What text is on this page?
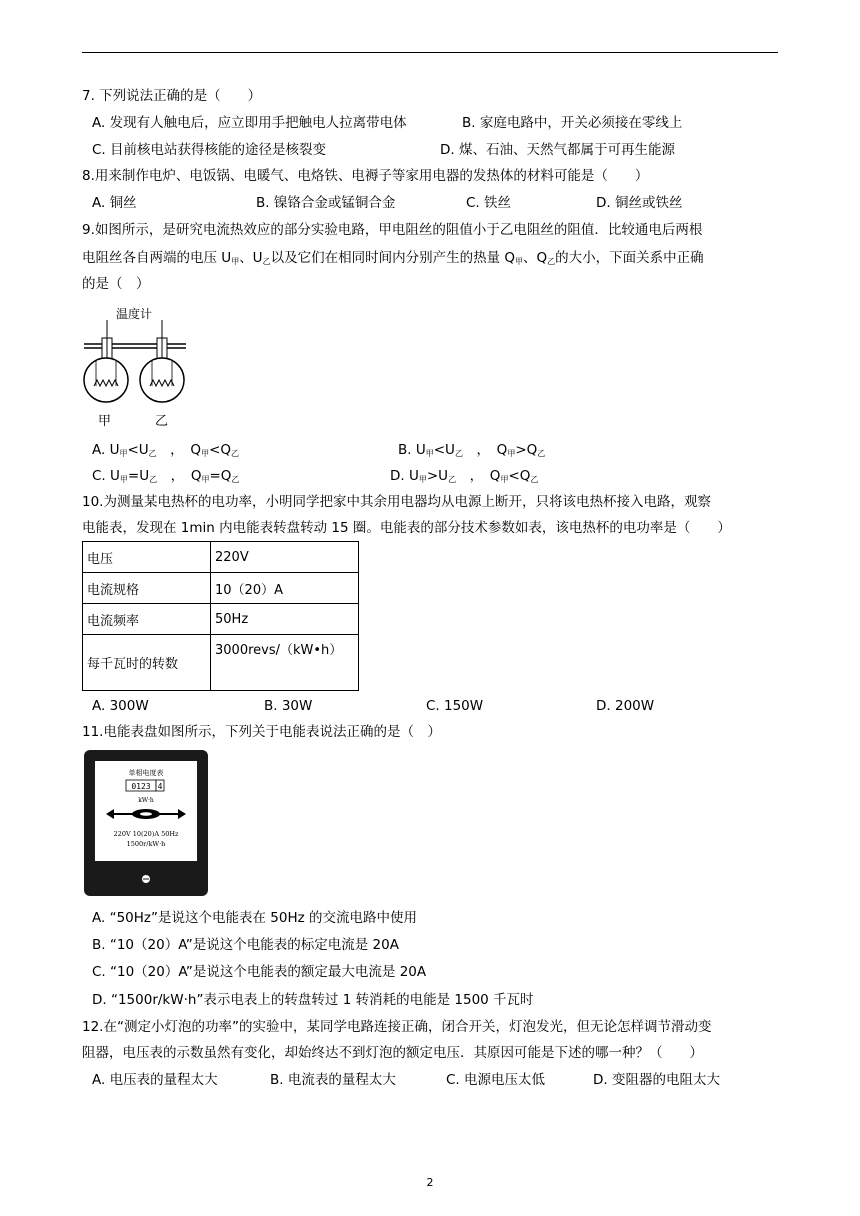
7. 下列说法正确的是（　　）
A. 发现有人触电后，应立即用手把触电人拉离带电体	B. 家庭电路中，开关必须接在零线上
C. 目前核电站获得核能的途径是核裂变	D. 煤、石油、天然气都属于可再生能源
8.用来制作电炉、电饭锅、电暖气、电烙铁、电褥子等家用电器的发热体的材料可能是（　　）
A. 铜丝	B. 镍铬合金或锰铜合金	C. 铁丝	D. 铜丝或铁丝
9.如图所示，是研究电流热效应的部分实验电路，甲电阻丝的阻值小于乙电阻丝的阻值．比较通电后两根
电阻丝各自两端的电压 $U_甲$、$U_乙$以及它们在相同时间内分别产生的热量 $Q_甲$、$Q_乙$的大小，下面关系中正确
的是（　）
温度计
甲	乙
A. $U_甲<U_乙$　 ，　$Q_甲<Q_乙$	B. $U_甲<U_乙$　 ，　$Q_甲>Q_乙$
C. $U_甲=U_乙$　 ，　$Q_甲=Q_乙$	D. $U_甲>U_乙$　 ，　$Q_甲<Q_乙$
10.为测量某电热杯的电功率，小明同学把家中其余用电器均从电源上断开，只将该电热杯接入电路，观察
电能表，发现在 1min 内电能表转盘转动 15 圈。电能表的部分技术参数如表，该电热杯的电功率是（　　）
电压	220V
电流规格	10（20）A
电流频率	50Hz
每千瓦时的转数	3000revs/（kW•h）
A. 300W	B. 30W	C. 150W	D. 200W
11.电能表盘如图所示，下列关于电能表说法正确的是（　）
单相电度表
0123 4
kW·h
220V 10(20)A 50Hz
1500r/kW·h
A. “50Hz”是说这个电能表在 50Hz 的交流电路中使用
B. “10（20）A”是说这个电能表的标定电流是 20A
C. “10（20）A”是说这个电能表的额定最大电流是 20A
D. “1500r/kW·h”表示电表上的转盘转过 1 转消耗的电能是 1500 千瓦时
12.在“测定小灯泡的功率”的实验中，某同学电路连接正确，闭合开关，灯泡发光，但无论怎样调节滑动变
阻器，电压表的示数虽然有变化，却始终达不到灯泡的额定电压．其原因可能是下述的哪一种？（　　）
A. 电压表的量程太大	B. 电流表的量程太大	C. 电源电压太低	D. 变阻器的电阻太大
2
